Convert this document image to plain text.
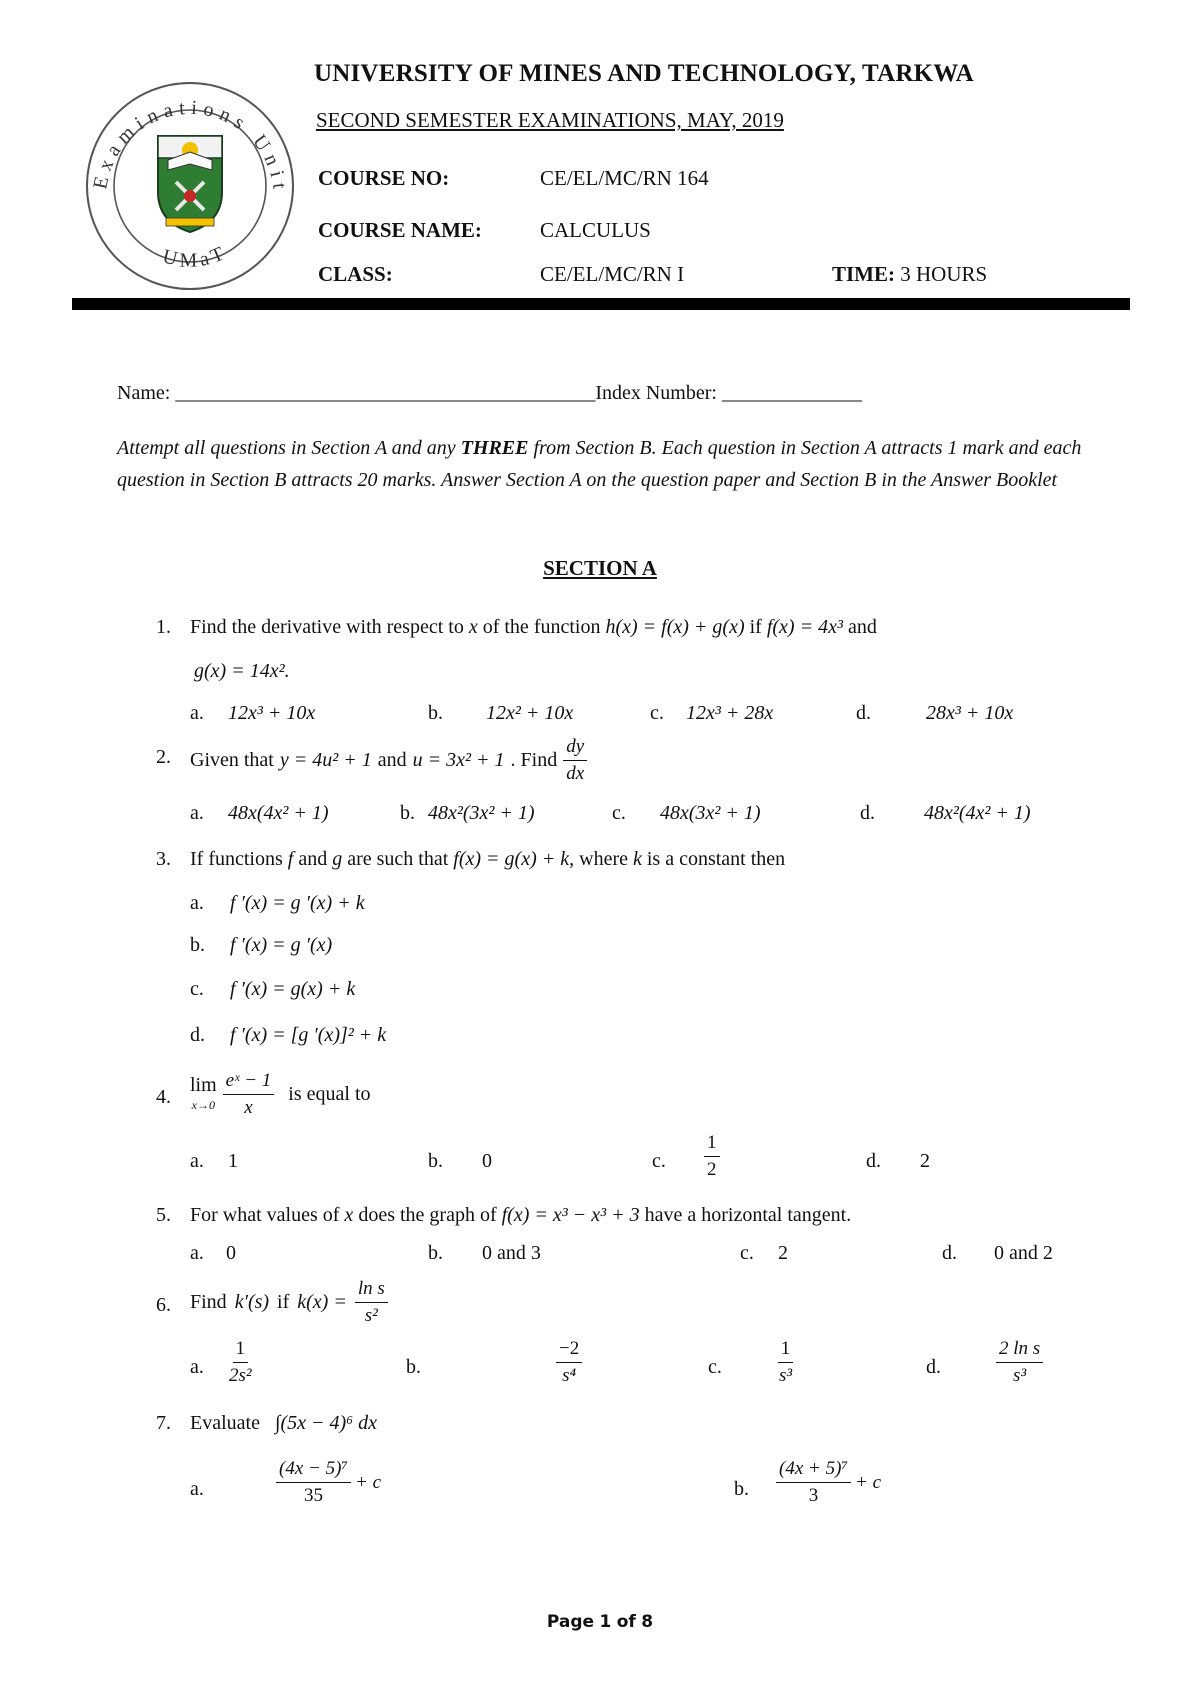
Examinations Unit
UMaT
UNIVERSITY OF MINES AND TECHNOLOGY, TARKWA
SECOND SEMESTER EXAMINATIONS, MAY, 2019
COURSE NO:	CE/EL/MC/RN 164
COURSE NAME:	CALCULUS
CLASS:	CE/EL/MC/RN I	TIME: 3 HOURS
Name: __________________________________________Index Number: ______________
Attempt all questions in Section A and any THREE from Section B. Each question in Section A attracts 1 mark and each question in Section B attracts 20 marks. Answer Section A on the question paper and Section B in the Answer Booklet
SECTION A
1. Find the derivative with respect to x of the function h(x) = f(x) + g(x) if f(x) = 4x³ and
g(x) = 14x².
a. 12x³ + 10x	b. 12x² + 10x	c. 12x³ + 28x	d.	28x³ + 10x
2. Given that y = 4u² + 1 and u = 3x² + 1 . Find $\frac{dy}{dx}$
a. 48x(4x² + 1)	b. 48x²(3x² + 1)	c. 48x(3x² + 1)	d. 48x²(4x² + 1)
3. If functions f and g are such that f(x) = g(x) + k, where k is a constant then
a. f ′(x) = g ′(x) + k
b. f ′(x) = g ′(x)
c. f ′(x) = g(x) + k
d. f ′(x) = [g ′(x)]² + k
4.
lim
$x\to 0 \frac{\text{eˣ − 1}}{x}$ is equal to
a. 1	b. 0	c. $\frac{1}{2}$	d. 2
5. For what values of x does the graph of f(x) = x³ − x³ + 3 have a horizontal tangent.
a. 0	b. 0 and 3	c. 2	d. 0 and 2
6. Find k′(s) if $k(x) = \frac{\text{ln s}}{\text{s²}}$
a. $\frac{1}{\text{2s²}}$	b.	$\frac{-2}{\text{s⁴}}$	c.	$\frac{1}{\text{s³}}$	d.	$\frac{\text{2 ln s}}{\text{s³}}$
7. Evaluate ∫(5x − 4)⁶ dx
a.	$\frac{\text{(4x − 5)⁷}}{35} + c$	b. $\frac{\text{(4x + 5)⁷}}{3} + c$
Page 1 of 8
